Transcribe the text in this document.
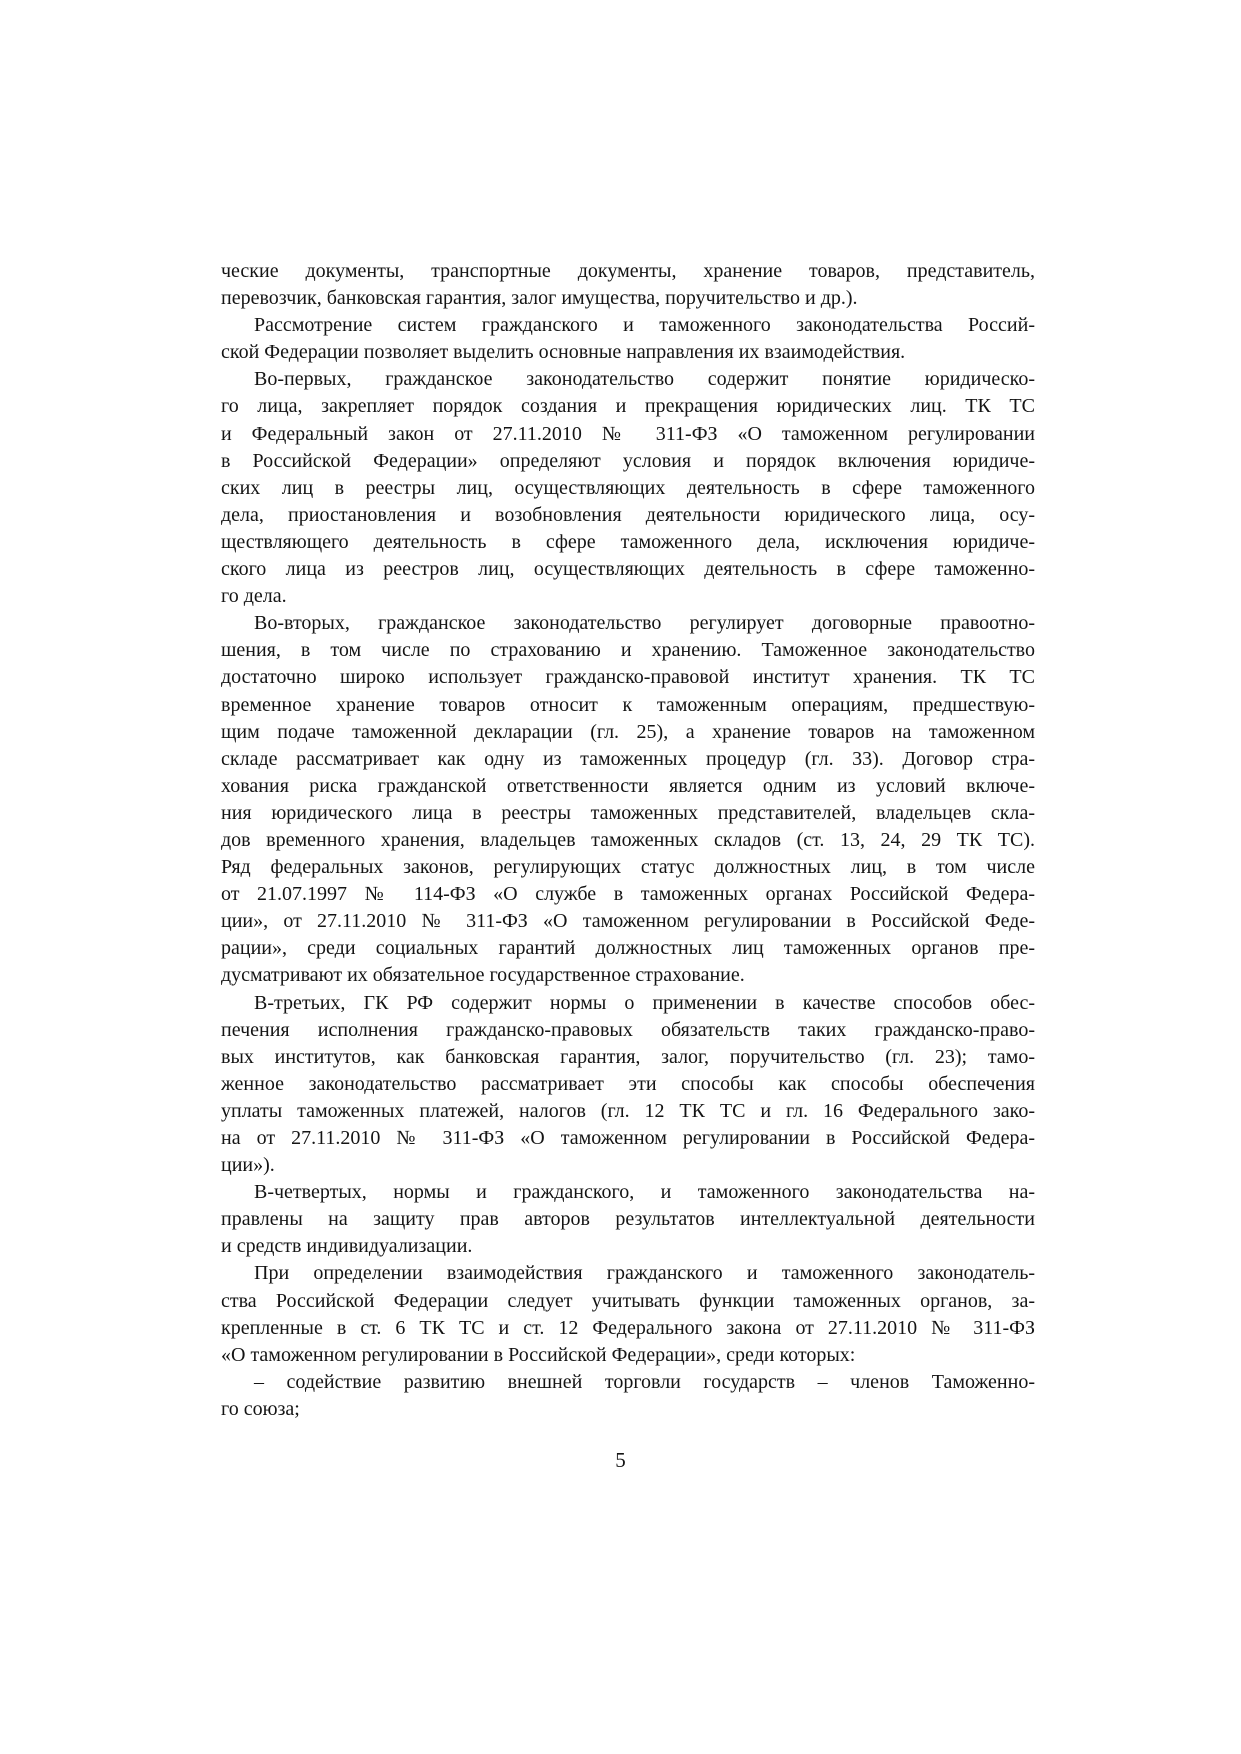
ческие документы, транспортные документы, хранение товаров, представитель,
перевозчик, банковская гарантия, залог имущества, поручительство и др.).
Рассмотрение систем гражданского и таможенного законодательства Россий-
ской Федерации позволяет выделить основные направления их взаимодействия.
Во-первых, гражданское законодательство содержит понятие юридическо-
го лица, закрепляет порядок создания и прекращения юридических лиц. ТК ТС
и Федеральный закон от 27.11.2010 № 311-ФЗ «О таможенном регулировании
в Российской Федерации» определяют условия и порядок включения юридиче-
ских лиц в реестры лиц, осуществляющих деятельность в сфере таможенного
дела, приостановления и возобновления деятельности юридического лица, осу-
ществляющего деятельность в сфере таможенного дела, исключения юридиче-
ского лица из реестров лиц, осуществляющих деятельность в сфере таможенно-
го дела.
Во-вторых, гражданское законодательство регулирует договорные правоотно-
шения, в том числе по страхованию и хранению. Таможенное законодательство
достаточно широко использует гражданско-правовой институт хранения. ТК ТС
временное хранение товаров относит к таможенным операциям, предшествую-
щим подаче таможенной декларации (гл. 25), а хранение товаров на таможенном
складе рассматривает как одну из таможенных процедур (гл. 33). Договор стра-
хования риска гражданской ответственности является одним из условий включе-
ния юридического лица в реестры таможенных представителей, владельцев скла-
дов временного хранения, владельцев таможенных складов (ст. 13, 24, 29 ТК ТС).
Ряд федеральных законов, регулирующих статус должностных лиц, в том числе
от 21.07.1997 № 114-ФЗ «О службе в таможенных органах Российской Федера-
ции», от 27.11.2010 № 311-ФЗ «О таможенном регулировании в Российской Феде-
рации», среди социальных гарантий должностных лиц таможенных органов пре-
дусматривают их обязательное государственное страхование.
В-третьих, ГК РФ содержит нормы о применении в качестве способов обес-
печения исполнения гражданско-правовых обязательств таких гражданско-право-
вых институтов, как банковская гарантия, залог, поручительство (гл. 23); тамо-
женное законодательство рассматривает эти способы как способы обеспечения
уплаты таможенных платежей, налогов (гл. 12 ТК ТС и гл. 16 Федерального зако-
на от 27.11.2010 № 311-ФЗ «О таможенном регулировании в Российской Федера-
ции»).
В-четвертых, нормы и гражданского, и таможенного законодательства на-
правлены на защиту прав авторов результатов интеллектуальной деятельности
и средств индивидуализации.
При определении взаимодействия гражданского и таможенного законодатель-
ства Российской Федерации следует учитывать функции таможенных органов, за-
крепленные в ст. 6 ТК ТС и ст. 12 Федерального закона от 27.11.2010 № 311-ФЗ
«О таможенном регулировании в Российской Федерации», среди которых:
– содействие развитию внешней торговли государств – членов Таможенно-
го союза;
5
